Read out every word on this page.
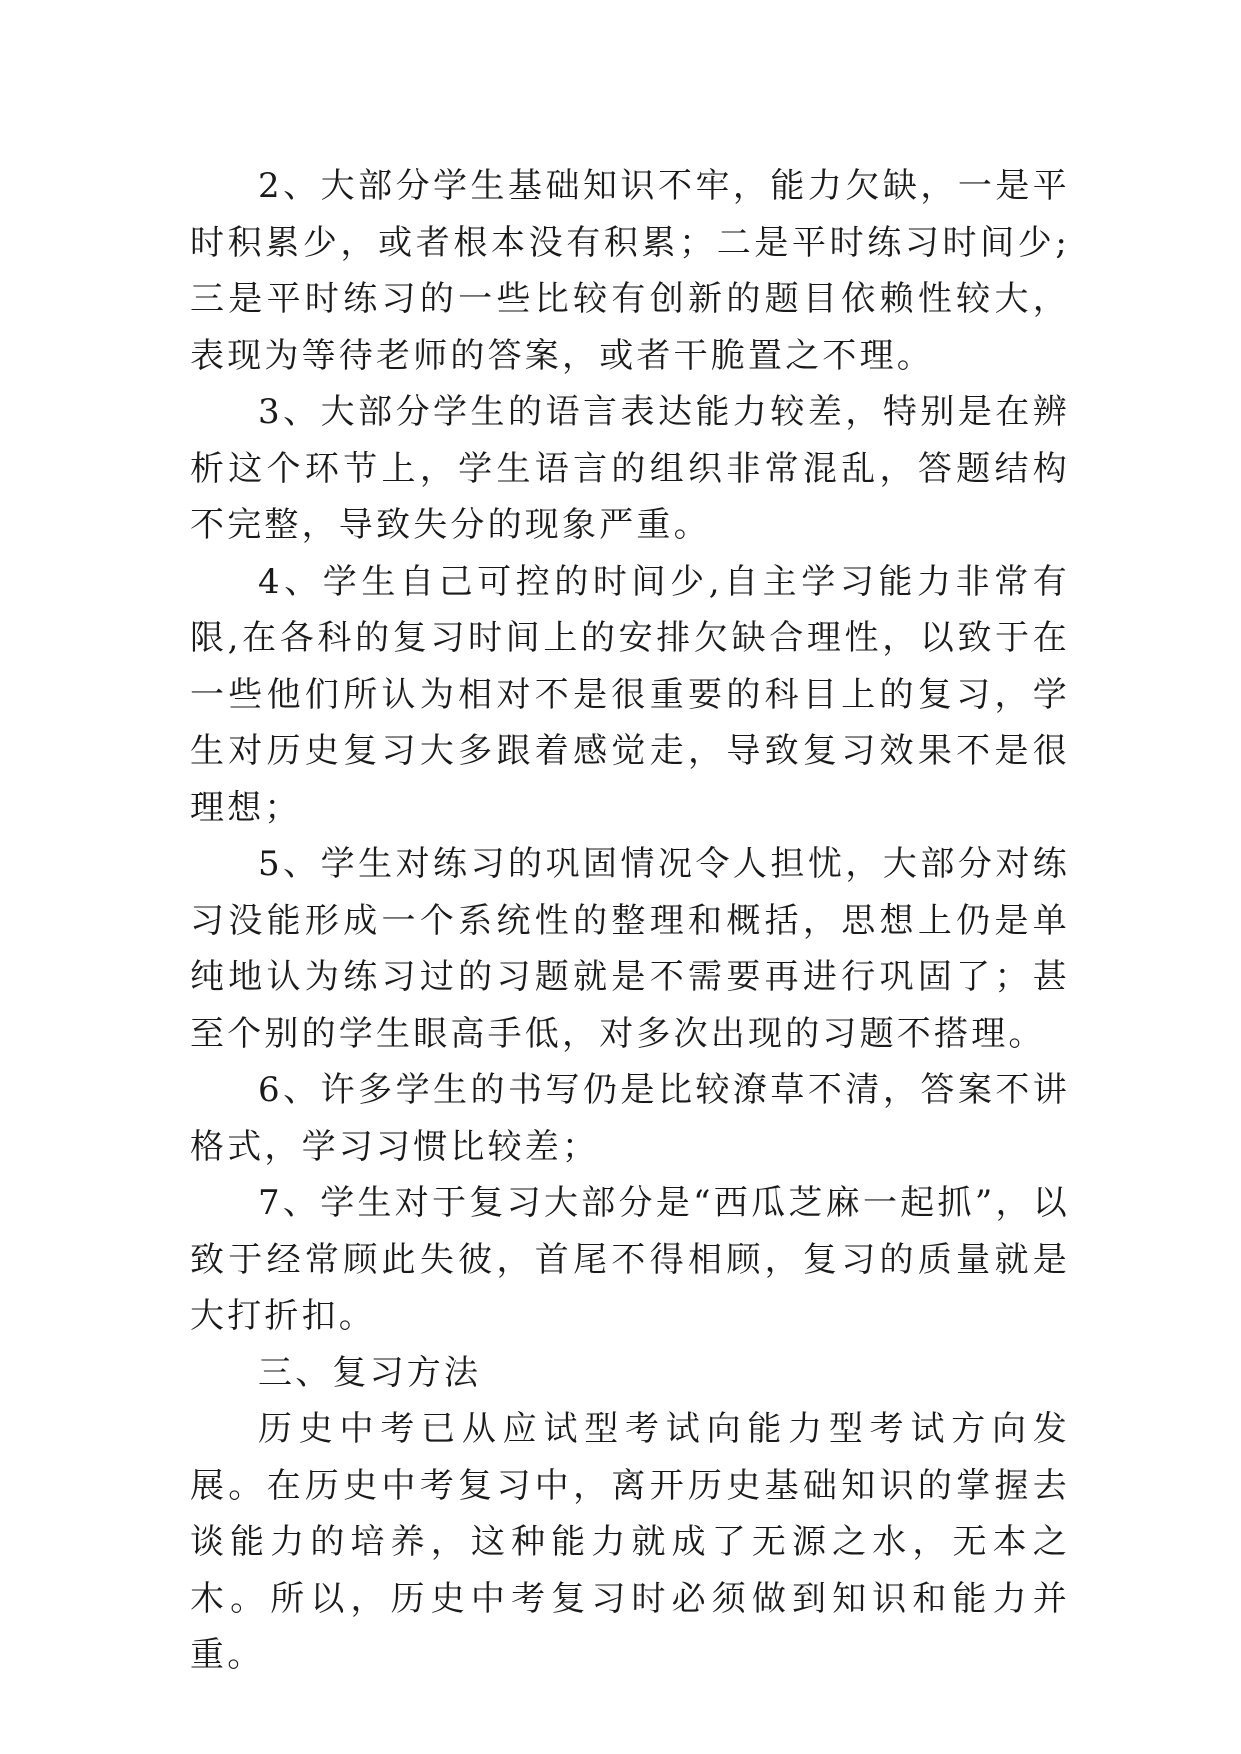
2、大部分学生基础知识不牢，能力欠缺，一是平时积累少，或者根本没有积累；二是平时练习时间少;三是平时练习的一些比较有创新的题目依赖性较大，表现为等待老师的答案，或者干脆置之不理。

3、大部分学生的语言表达能力较差，特别是在辨析这个环节上，学生语言的组织非常混乱，答题结构不完整，导致失分的现象严重。

4、学生自己可控的时间少,自主学习能力非常有限,在各科的复习时间上的安排欠缺合理性，以致于在一些他们所认为相对不是很重要的科目上的复习，学生对历史复习大多跟着感觉走，导致复习效果不是很理想；

5、学生对练习的巩固情况令人担忧，大部分对练习没能形成一个系统性的整理和概括，思想上仍是单纯地认为练习过的习题就是不需要再进行巩固了；甚至个别的学生眼高手低，对多次出现的习题不搭理。

6、许多学生的书写仍是比较潦草不清，答案不讲格式，学习习惯比较差；

7、学生对于复习大部分是“西瓜芝麻一起抓”，以致于经常顾此失彼，首尾不得相顾，复习的质量就是大打折扣。

三、复习方法

历史中考已从应试型考试向能力型考试方向发展。在历史中考复习中，离开历史基础知识的掌握去谈能力的培养，这种能力就成了无源之水，无本之木。所以，历史中考复习时必须做到知识和能力并重。
